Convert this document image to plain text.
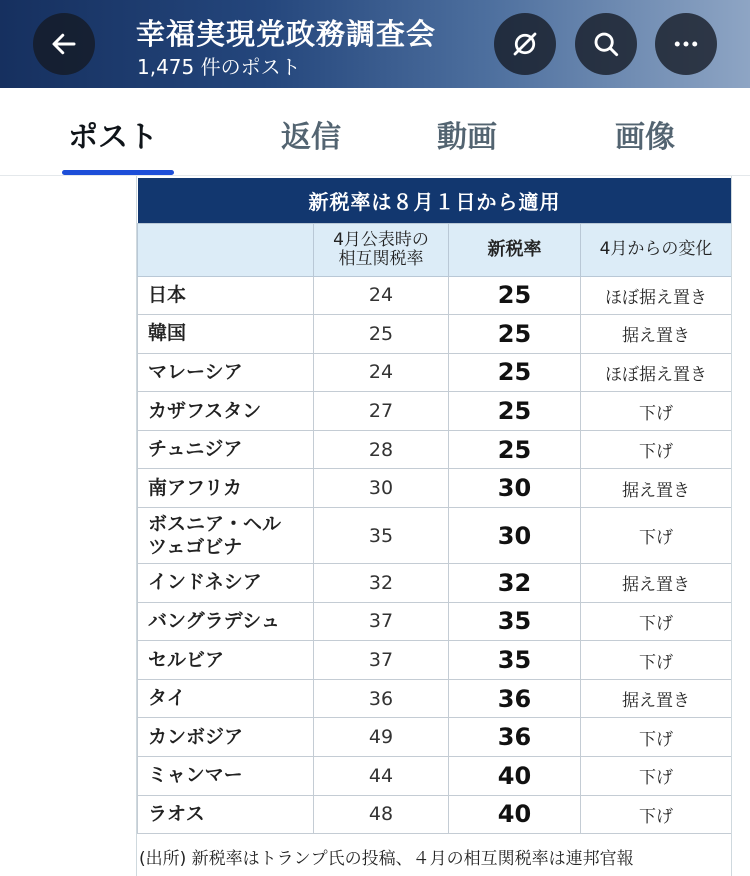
幸福実現党政務調査会
1,475 件のポスト
ポスト	返信	動画	画像
新税率は８月１日から適用			

	4月公表時の
相互関税率	新税率	4月からの変化
日本	24	25	ほぼ据え置き
韓国	25	25	据え置き
マレーシア	24	25	ほぼ据え置き
カザフスタン	27	25	下げ
チュニジア	28	25	下げ
南アフリカ	30	30	据え置き
ボスニア・ヘル
ツェゴビナ	35	30	下げ
インドネシア	32	32	据え置き
バングラデシュ	37	35	下げ
セルビア	37	35	下げ
タイ	36	36	据え置き
カンボジア	49	36	下げ
ミャンマー	44	40	下げ
ラオス	48	40	下げ
(出所) 新税率はトランプ氏の投稿、４月の相互関税率は連邦官報
